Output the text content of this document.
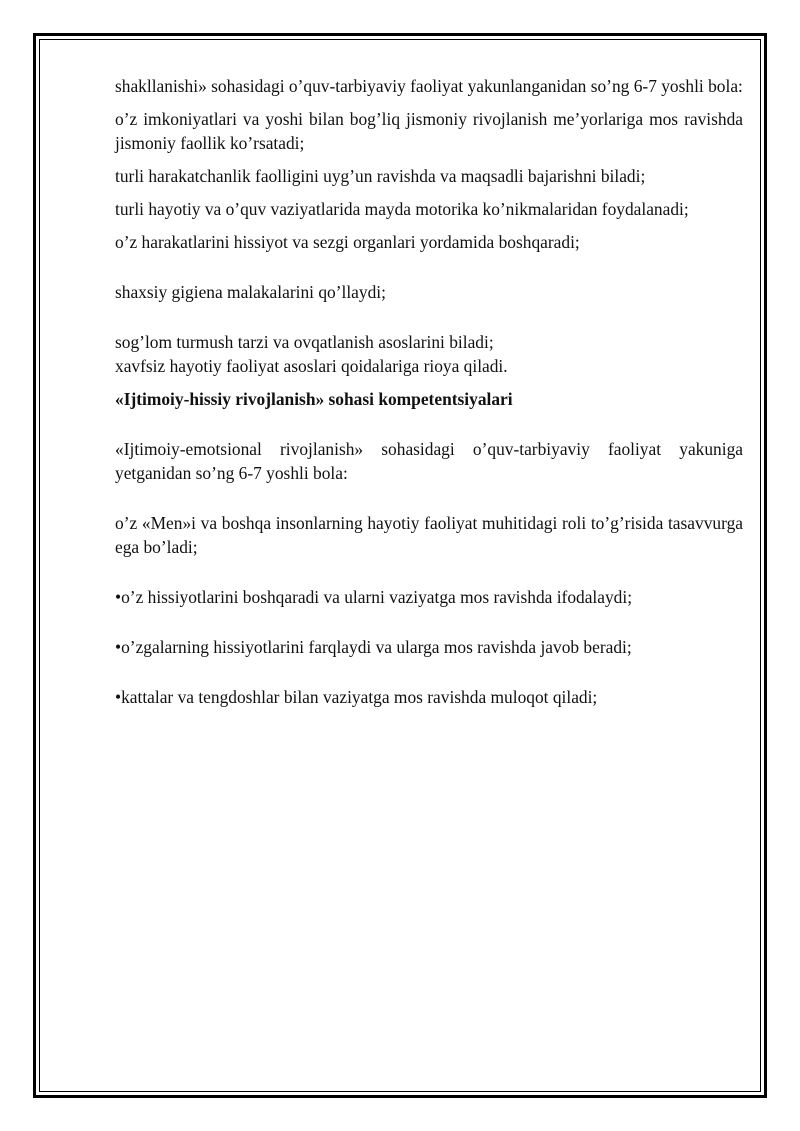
shakllanishi» sohasidagi o’quv-tarbiyaviy faoliyat yakunlanganidan so’ng 6-7 yoshli bola:

o’z imkoniyatlari va yoshi bilan bog’liq jismoniy rivojlanish me’yorlariga mos ravishda jismoniy faollik ko’rsatadi;

turli harakatchanlik faolligini uyg’un ravishda va maqsadli bajarishni biladi;

turli hayotiy va o’quv vaziyatlarida mayda motorika ko’nikmalaridan foydalanadi;

o’z harakatlarini hissiyot va sezgi organlari yordamida boshqaradi;

shaxsiy gigiena malakalarini qo’llaydi;

sog’lom turmush tarzi va ovqatlanish asoslarini biladi;

xavfsiz hayotiy faoliyat asoslari qoidalariga rioya qiladi.

«Ijtimoiy-hissiy rivojlanish» sohasi kompetentsiyalari

«Ijtimoiy-emotsional rivojlanish» sohasidagi o’quv-tarbiyaviy faoliyat yakuniga yetganidan so’ng 6-7 yoshli bola:

o’z «Men»i va boshqa insonlarning hayotiy faoliyat muhitidagi roli to’g’risida tasavvurga ega bo’ladi;

•o’z hissiyotlarini boshqaradi va ularni vaziyatga mos ravishda ifodalaydi;

•o’zgalarning hissiyotlarini farqlaydi va ularga mos ravishda javob beradi;

•kattalar va tengdoshlar bilan vaziyatga mos ravishda muloqot qiladi;
